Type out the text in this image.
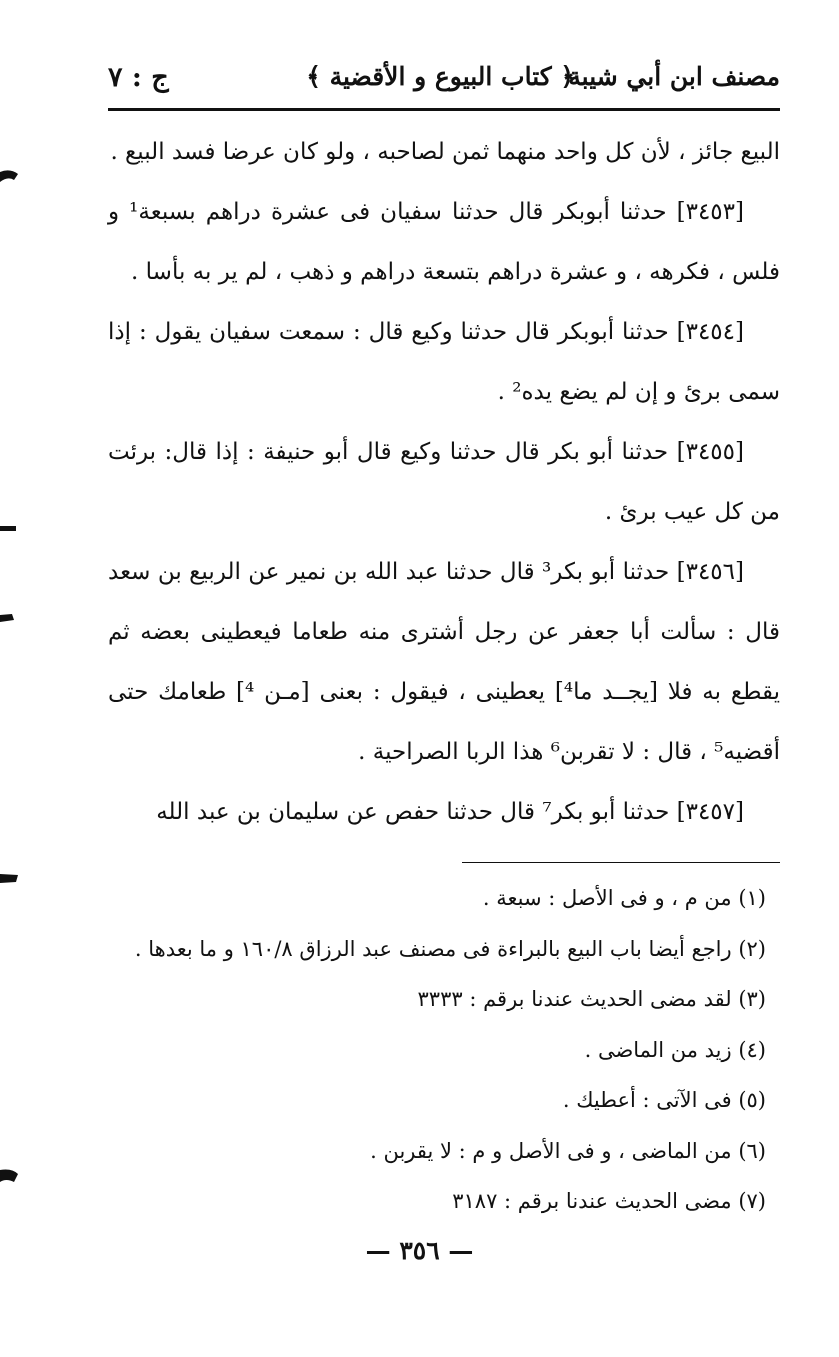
مصنف ابن أبي شيبة
﴿ كتاب البيوع و الأقضية ﴾
ج : ٧

البيع جائز ، لأن كل واحد منهما ثمن لصاحبه ، ولو كان عرضا فسد البيع .

[٣٤٥٣] حدثنا أبوبكر قال حدثنا سفيان فى عشرة دراهم بسبعة¹ و فلس ، فكرهه ، و عشرة دراهم بتسعة دراهم و ذهب ، لم ير به بأسا .

[٣٤٥٤] حدثنا أبوبكر قال حدثنا وكيع قال : سمعت سفيان يقول : إذا سمى برئ و إن لم يضع يده² .

[٣٤٥٥] حدثنا أبو بكر قال حدثنا وكيع قال أبو حنيفة : إذا قال: برئت من كل عيب برئ .

[٣٤٥٦] حدثنا أبو بكر³ قال حدثنا عبد الله بن نمير عن الربيع بن سعد قال : سألت أبا جعفر عن رجل أشترى منه طعاما فيعطينى بعضه ثم يقطع به فلا [يجــد ما⁴] يعطينى ، فيقول : بعنى [مـن ⁴] طعامك حتى أقضيه⁵ ، قال : لا تقربن⁶ هذا الربا الصراحية .

[٣٤٥٧] حدثنا أبو بكر⁷ قال حدثنا حفص عن سليمان بن عبد الله

(١) من م ، و فى الأصل : سبعة .

(٢) راجع أيضا باب البيع بالبراءة فى مصنف عبد الرزاق ١٦٠/٨ و ما بعدها .

(٣) لقد مضى الحديث عندنا برقم : ٣٣٣٣

(٤) زيد من الماضى .

(٥) فى الآتى : أعطيك .

(٦) من الماضى ، و فى الأصل و م : لا يقربن .

(٧) مضى الحديث عندنا برقم : ٣١٨٧

— ٣٥٦ —
